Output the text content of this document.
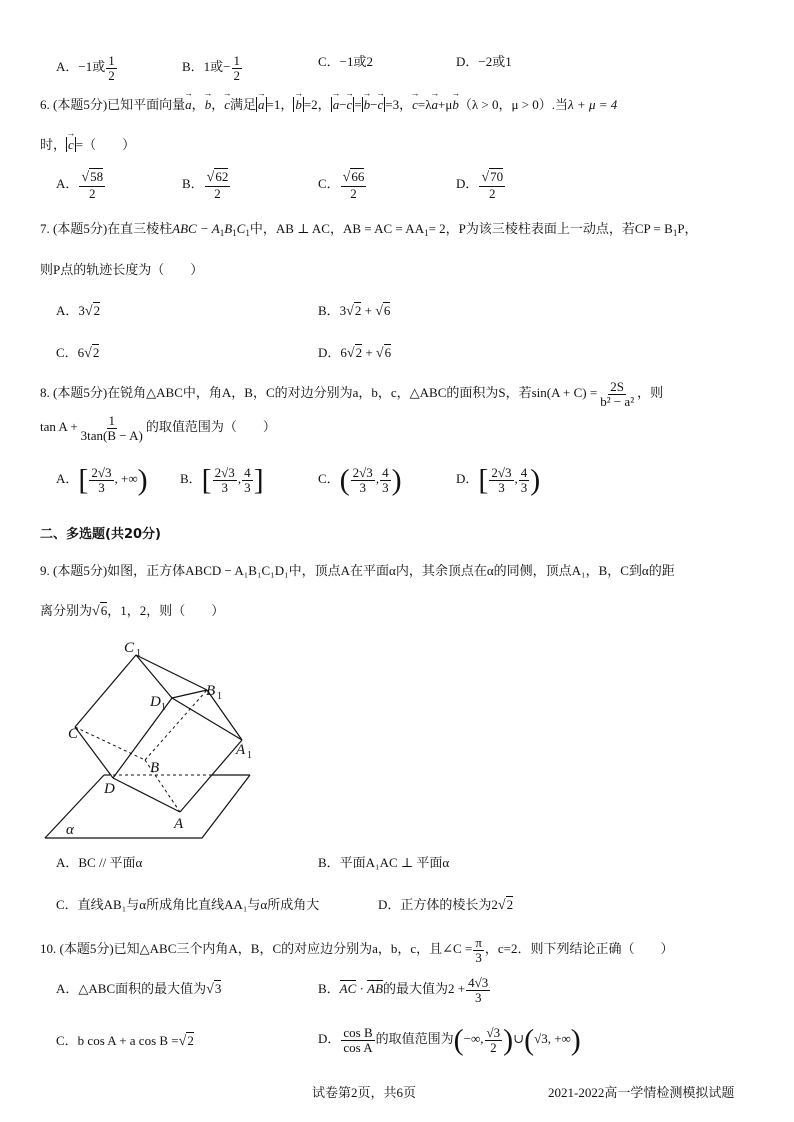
A．−1或 $\frac{1}{2}$	B．1或− $\frac{1}{2}$	C．−1或2	D．−2或1
6. (本题5分)已知平面向量→ a，→ b，→ c满足 → a =1， → b =2， → a−→ c = → b−→ c =3，→ c=λ→ a+μ→ b（λ > 0，μ > 0）.当λ + μ = 4
时， → c =（　　）
A． $\frac{√58}{2}$	B． $\frac{√62}{2}$	C． $\frac{√66}{2}$	D． $\frac{√70}{2}$
7. (本题5分)在直三棱柱ABC − $A_1B_1C_1$中，AB ⊥ AC，AB = AC = $AA_1= 2$，P为该三棱柱表面上一动点，若CP = $B_1P$，
则P点的轨迹长度为（　　）
A．3√2	B．3√2 + √6
C．6√2	D．6√2 + √6
8. (本题5分)在锐角△ABC中，角A，B，C的对边分别为a，b，c，△ABC的面积为S，若$\sin(A + C) = \frac{2S}{\text{b² − a²}}$ ，则
$\tan A + \frac{1}{3\tan(B - A)}$ 的取值范围为（　　）
A．[ $\frac{2√3}{3}$ , +∞) B．[ $\frac{2√3}{3}$ , $\frac{4}{3}$ ]	C．( $\frac{2√3}{3}$ , $\frac{4}{3}$ )	D．[ $\frac{2√3}{3}$ , $\frac{4}{3}$ )
二、多选题(共20分)
9. (本题5分)如图，正方体ABCD − A₁B₁C₁D₁中，顶点A在平面α内，其余顶点在α的同侧，顶点A₁，B，C到α的距
离分别为√6，1，2，则（　　）
C 1
B 1
D 1
C
A 1
B
D
A
α
A．BC // 平面α	B．平面A₁AC ⊥ 平面α
C．直线AB₁与α所成角比直线AA₁与α所成角大	D．正方体的棱长为2√2
10. (本题5分)已知△ABC三个内角A，B，C的对应边分别为a，b，c，且∠C = $\frac{\pi}{3}$ ，c=2．则下列结论正确（　　）
A．△ABC面积的最大值为√3	B．AC · AB的最大值为$2 + \frac{4√3}{3}$
C．b cos A + a cos B =√2	D． $\frac{\text{cos B}}{\text{cos A}}$ 的取值范围为(−∞, $\frac{√3}{2}$ )∪(√3, +∞)
试卷第2页，共6页	2021-2022高一学情检测模拟试题
